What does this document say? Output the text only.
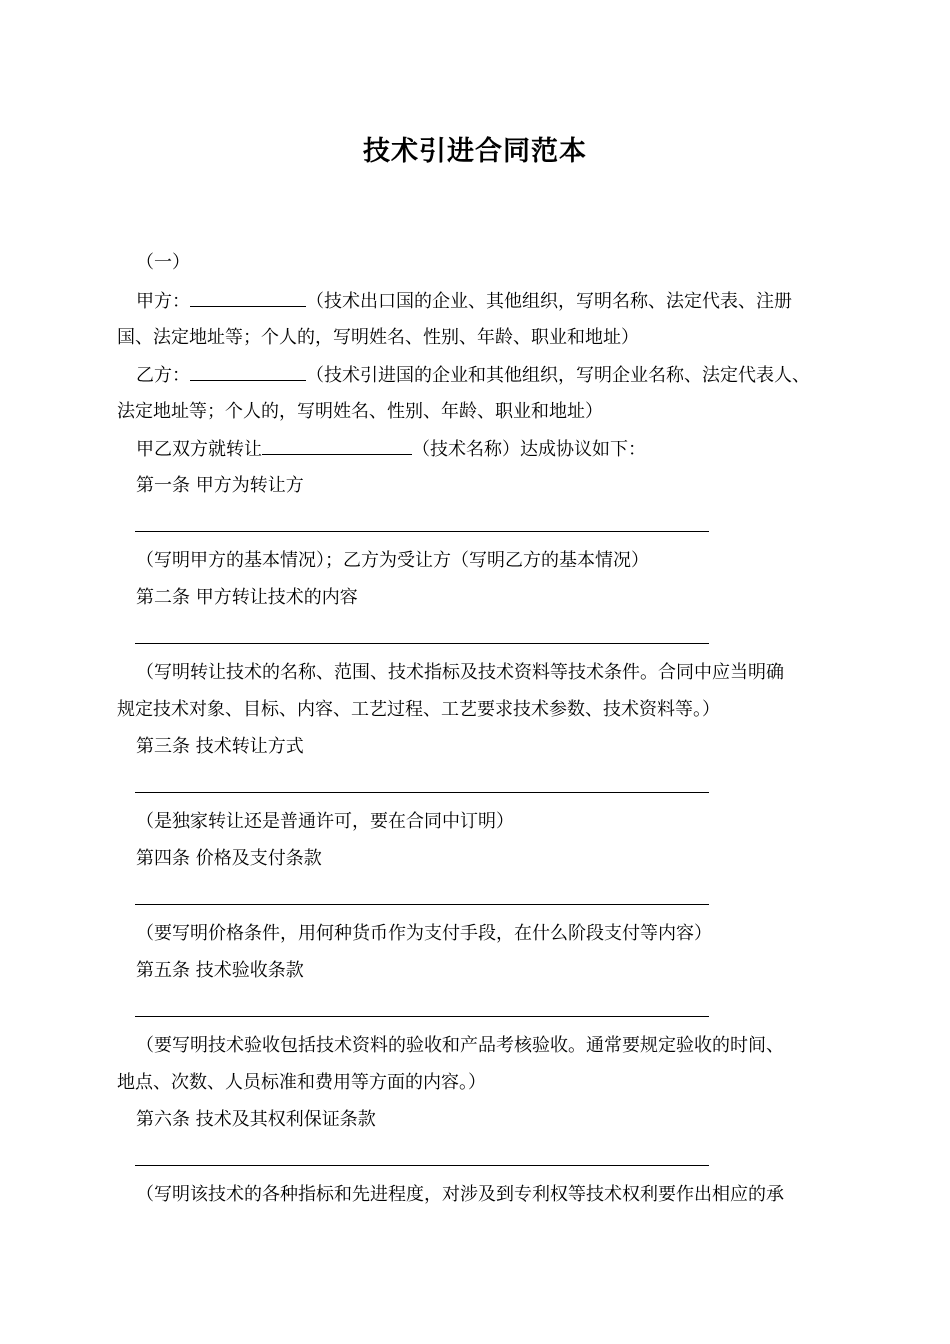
技术引进合同范本
（一）
甲方：	（技术出口国的企业、其他组织，写明名称、法定代表、注册
国、法定地址等；个人的，写明姓名、性别、年龄、职业和地址）
乙方：	（技术引进国的企业和其他组织，写明企业名称、法定代表人、
法定地址等；个人的，写明姓名、性别、年龄、职业和地址）
甲乙双方就转让	（技术名称）达成协议如下：
第一条 甲方为转让方
（写明甲方的基本情况）；乙方为受让方（写明乙方的基本情况）
第二条 甲方转让技术的内容
（写明转让技术的名称、范围、技术指标及技术资料等技术条件。合同中应当明确
规定技术对象、目标、内容、工艺过程、工艺要求技术参数、技术资料等。）
第三条 技术转让方式
（是独家转让还是普通许可，要在合同中订明）
第四条 价格及支付条款
（要写明价格条件，用何种货币作为支付手段，在什么阶段支付等内容）
第五条 技术验收条款
（要写明技术验收包括技术资料的验收和产品考核验收。通常要规定验收的时间、
地点、次数、人员标准和费用等方面的内容。）
第六条 技术及其权利保证条款
（写明该技术的各种指标和先进程度，对涉及到专利权等技术权利要作出相应的承
